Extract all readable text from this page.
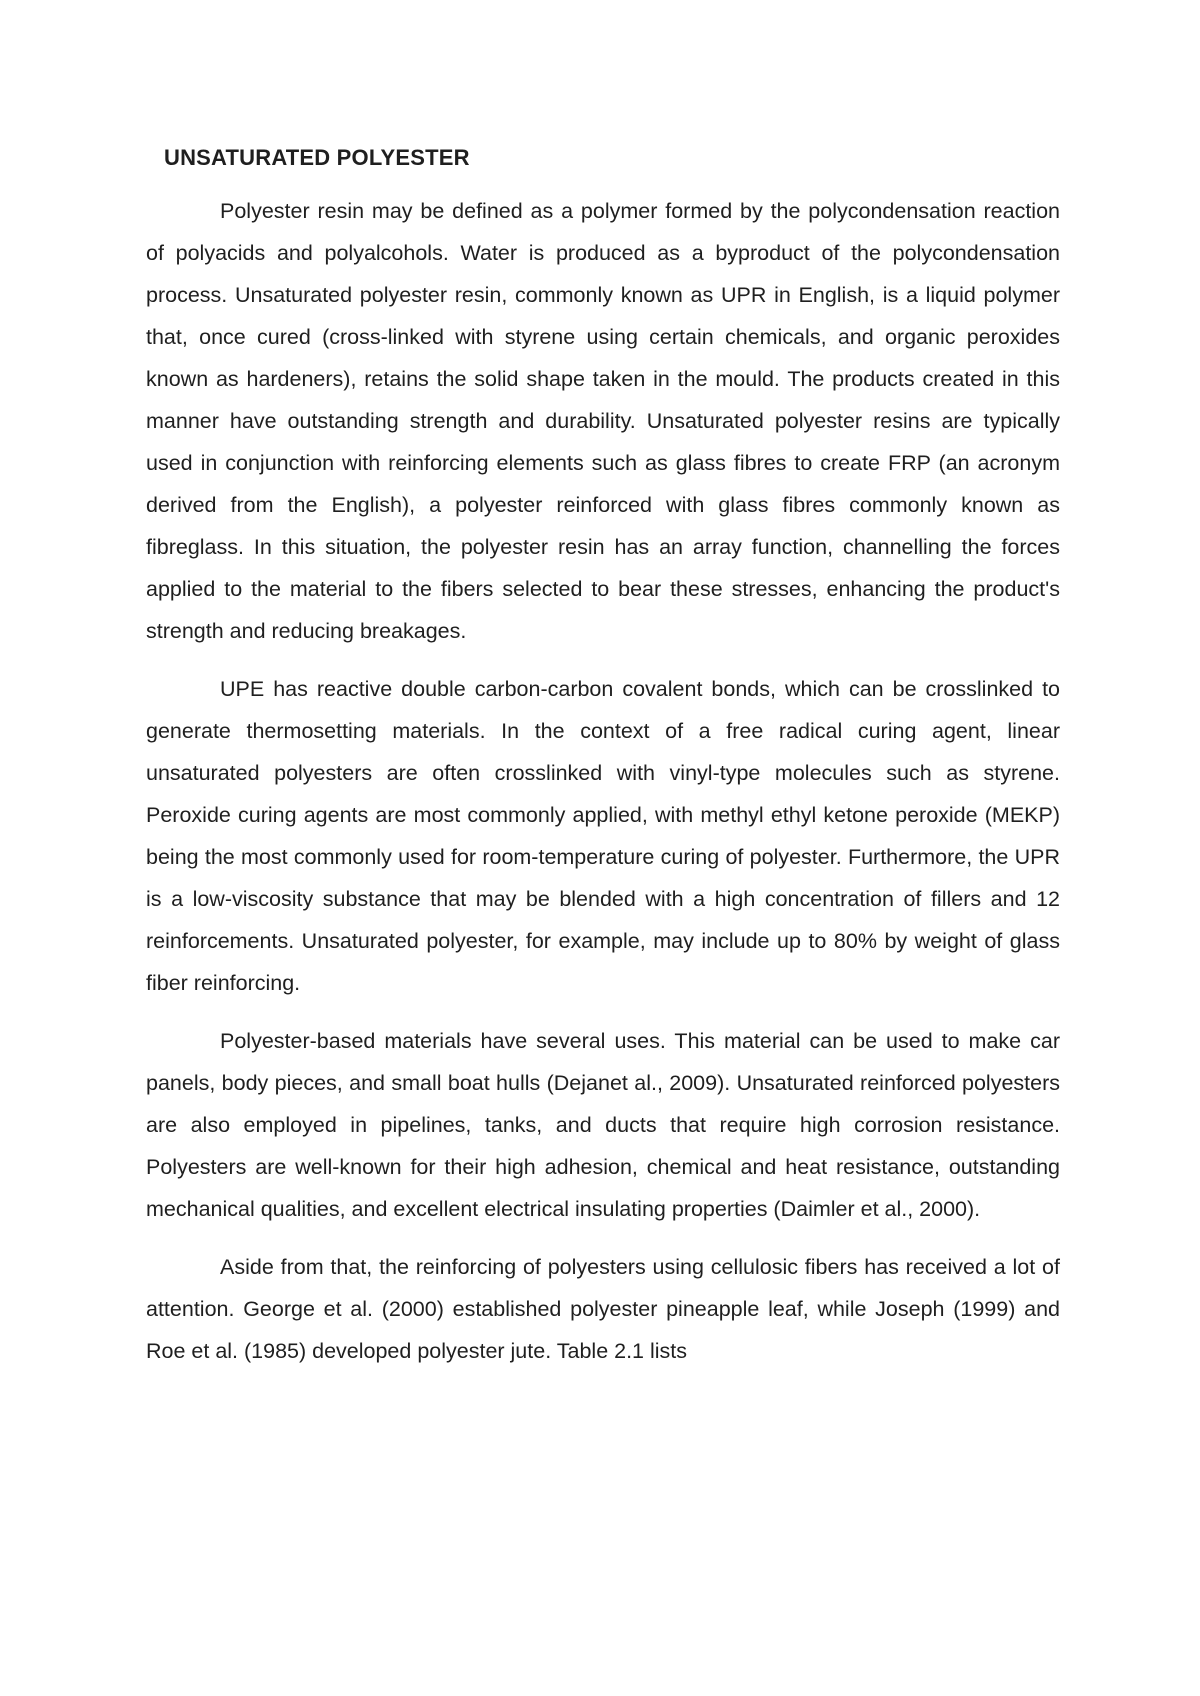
UNSATURATED POLYESTER

Polyester resin may be defined as a polymer formed by the polycondensation reaction of polyacids and polyalcohols. Water is produced as a byproduct of the polycondensation process. Unsaturated polyester resin, commonly known as UPR in English, is a liquid polymer that, once cured (cross-linked with styrene using certain chemicals, and organic peroxides known as hardeners), retains the solid shape taken in the mould. The products created in this manner have outstanding strength and durability. Unsaturated polyester resins are typically used in conjunction with reinforcing elements such as glass fibres to create FRP (an acronym derived from the English), a polyester reinforced with glass fibres commonly known as fibreglass. In this situation, the polyester resin has an array function, channelling the forces applied to the material to the fibers selected to bear these stresses, enhancing the product's strength and reducing breakages.

UPE has reactive double carbon-carbon covalent bonds, which can be crosslinked to generate thermosetting materials. In the context of a free radical curing agent, linear unsaturated polyesters are often crosslinked with vinyl-type molecules such as styrene. Peroxide curing agents are most commonly applied, with methyl ethyl ketone peroxide (MEKP) being the most commonly used for room-temperature curing of polyester. Furthermore, the UPR is a low-viscosity substance that may be blended with a high concentration of fillers and 12 reinforcements. Unsaturated polyester, for example, may include up to 80% by weight of glass fiber reinforcing.

Polyester-based materials have several uses. This material can be used to make car panels, body pieces, and small boat hulls (Dejanet al., 2009). Unsaturated reinforced polyesters are also employed in pipelines, tanks, and ducts that require high corrosion resistance. Polyesters are well-known for their high adhesion, chemical and heat resistance, outstanding mechanical qualities, and excellent electrical insulating properties (Daimler et al., 2000).

Aside from that, the reinforcing of polyesters using cellulosic fibers has received a lot of attention. George et al. (2000) established polyester pineapple leaf, while Joseph (1999) and Roe et al. (1985) developed polyester jute. Table 2.1 lists
